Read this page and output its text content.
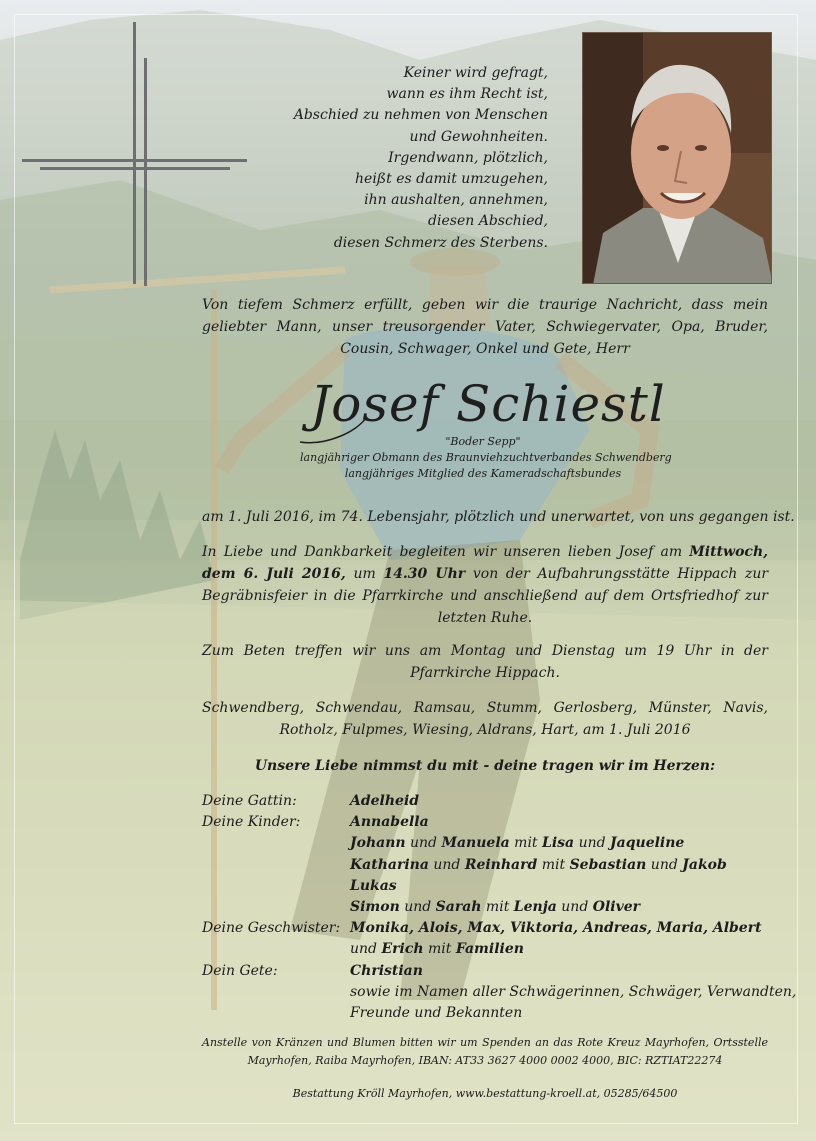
Keiner wird gefragt,
wann es ihm Recht ist,
Abschied zu nehmen von Menschen
und Gewohnheiten.
Irgendwann, plötzlich,
heißt es damit umzugehen,
ihn aushalten, annehmen,
diesen Abschied,
diesen Schmerz des Sterbens.
Von tiefem Schmerz erfüllt, geben wir die traurige Nachricht, dass mein geliebter Mann, unser treusorgender Vater, Schwiegervater, Opa, Bruder, Cousin, Schwager, Onkel und Gete, Herr
Josef Schiestl
"Boder Sepp"
langjähriger Obmann des Braunviehzuchtverbandes Schwendberg
langjähriges Mitglied des Kameradschaftsbundes
am 1. Juli 2016, im 74. Lebensjahr, plötzlich und unerwartet, von uns gegangen ist.
In Liebe und Dankbarkeit begleiten wir unseren lieben Josef am Mittwoch, dem 6. Juli 2016, um 14.30 Uhr von der Aufbahrungsstätte Hippach zur Begräbnisfeier in die Pfarrkirche und anschließend auf dem Ortsfriedhof zur letzten Ruhe.
Zum Beten treffen wir uns am Montag und Dienstag um 19 Uhr in der Pfarrkirche Hippach.
Schwendberg, Schwendau, Ramsau, Stumm, Gerlosberg, Münster, Navis, Rotholz, Fulpmes, Wiesing, Aldrans, Hart, am 1. Juli 2016
Unsere Liebe nimmst du mit - deine tragen wir im Herzen:
Deine Gattin:	Adelheid
Deine Kinder:	Annabella
Johann und Manuela mit Lisa und Jaqueline
Katharina und Reinhard mit Sebastian und Jakob
Lukas
Simon und Sarah mit Lenja und Oliver
Deine Geschwister: Monika, Alois, Max, Viktoria, Andreas, Maria, Albert
und Erich mit Familien
Dein Gete:	Christian
sowie im Namen aller Schwägerinnen, Schwäger, Verwandten,
Freunde und Bekannten
Anstelle von Kränzen und Blumen bitten wir um Spenden an das Rote Kreuz Mayrhofen, Ortsstelle Mayrhofen, Raiba Mayrhofen, IBAN: AT33 3627 4000 0002 4000, BIC: RZTIAT22274
Bestattung Kröll Mayrhofen, www.bestattung-kroell.at, 05285/64500
